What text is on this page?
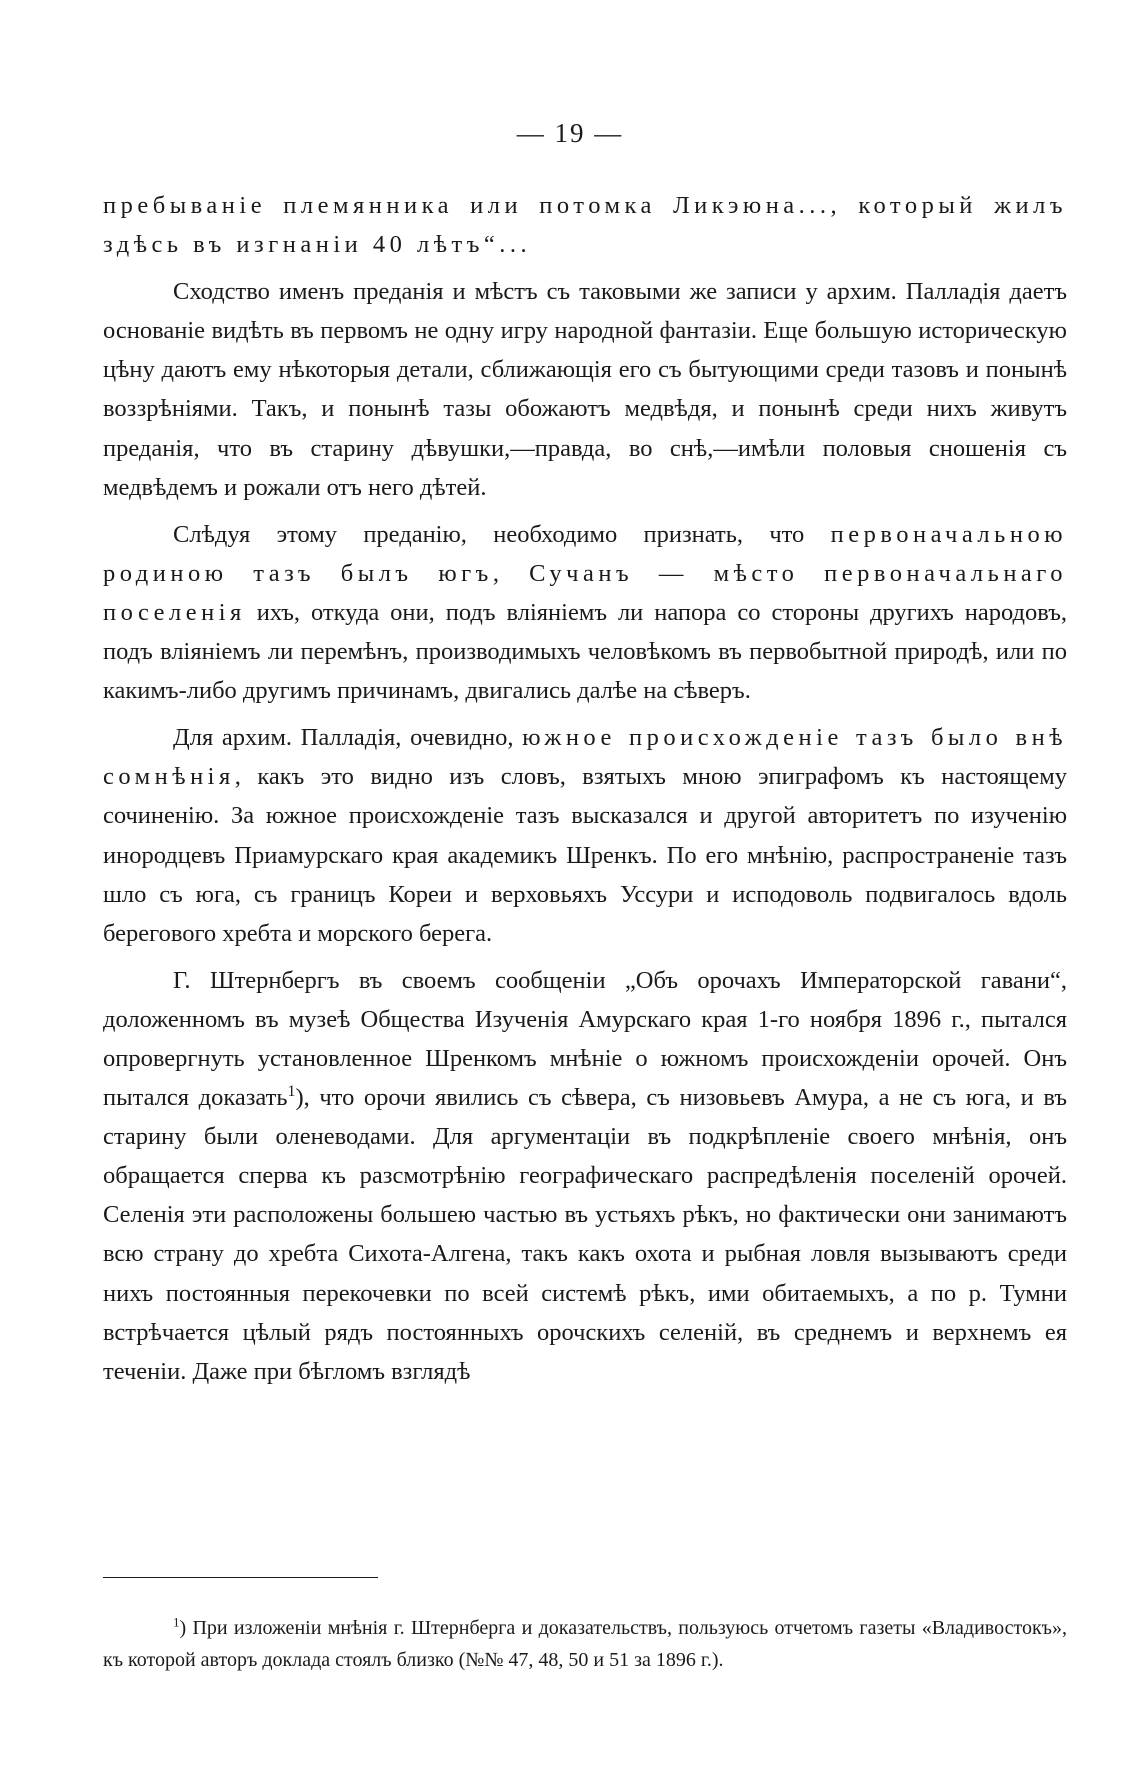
— 19 —

пребываніе племянника или потомка Ликэюна..., который жилъ здѣсь въ изгнаніи 40 лѣтъ“...

Сходство именъ преданія и мѣстъ съ таковыми же записи у архим. Палладія даетъ основаніе видѣть въ первомъ не одну игру народной фантазіи. Еще большую историческую цѣну даютъ ему нѣкоторыя детали, сближающія его съ бытующими среди тазовъ и понынѣ воззрѣніями. Такъ, и понынѣ тазы обожаютъ медвѣдя, и понынѣ среди нихъ живутъ преданія, что въ старину дѣвушки,—правда, во снѣ,—имѣли половыя сношенія съ медвѣдемъ и рожали отъ него дѣтей.

Слѣдуя этому преданію, необходимо признать, что первоначальною родиною тазъ былъ югъ, Сучанъ — мѣсто первоначальнаго поселенія ихъ, откуда они, подъ вліяніемъ ли напора со стороны другихъ народовъ, подъ вліяніемъ ли перемѣнъ, производимыхъ человѣкомъ въ первобытной природѣ, или по какимъ-либо другимъ причинамъ, двигались далѣе на сѣверъ.

Для архим. Палладія, очевидно, южное происхожденіе тазъ было внѣ сомнѣнія, какъ это видно изъ словъ, взятыхъ мною эпиграфомъ къ настоящему сочиненію. За южное происхожденіе тазъ высказался и другой авторитетъ по изученію инородцевъ Приамурскаго края академикъ Шренкъ. По его мнѣнію, распространеніе тазъ шло съ юга, съ границъ Кореи и верховьяхъ Уссури и исподоволь подвигалось вдоль берегового хребта и морского берега.

Г. Штернбергъ въ своемъ сообщеніи „Объ орочахъ Императорской гавани“, доложенномъ въ музеѣ Общества Изученія Амурскаго края 1-го ноября 1896 г., пытался опровергнуть установленное Шренкомъ мнѣніе о южномъ происхожденіи орочей. Онъ пытался доказать$^1$), что орочи явились съ сѣвера, съ низовьевъ Амура, а не съ юга, и въ старину были оленеводами. Для аргументаціи въ подкрѣпленіе своего мнѣнія, онъ обращается сперва къ разсмотрѣнію географическаго распредѣленія поселеній орочей. Селенія эти расположены большею частью въ устьяхъ рѣкъ, но фактически они занимаютъ всю страну до хребта Сихота-Алгена, такъ какъ охота и рыбная ловля вызываютъ среди нихъ постоянныя перекочевки по всей системѣ рѣкъ, ими обитаемыхъ, а по р. Тумни встрѣчается цѣлый рядъ постоянныхъ орочскихъ селеній, въ среднемъ и верхнемъ ея теченіи. Даже при бѣгломъ взглядѣ

$^1$) При изложеніи мнѣнія г. Штернберга и доказательствъ, пользуюсь отчетомъ газеты «Владивостокъ», къ которой авторъ доклада стоялъ близко (№№ 47, 48, 50 и 51 за 1896 г.).
